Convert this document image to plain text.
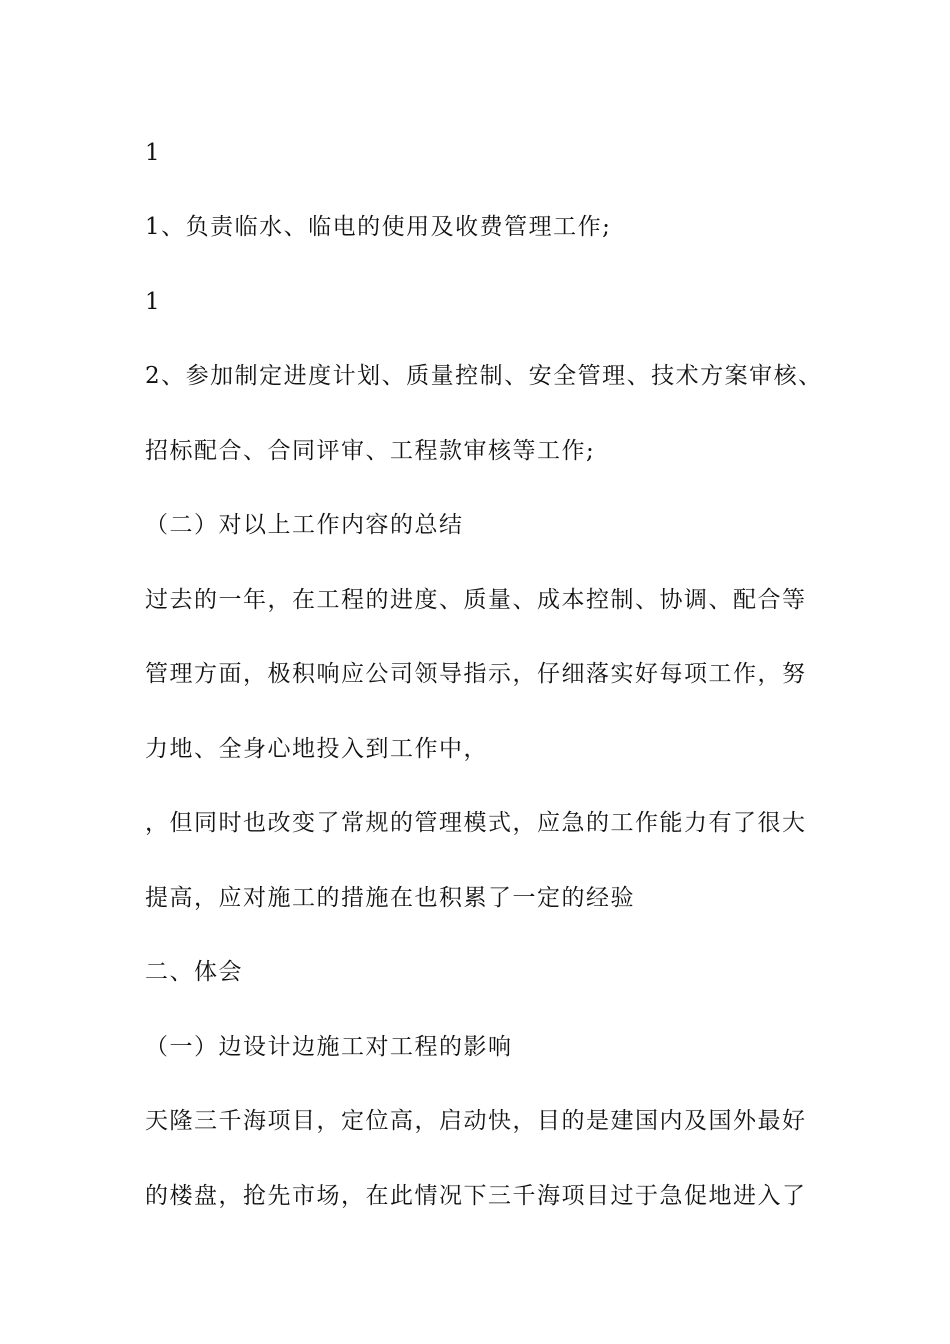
1
1、负责临水、临电的使用及收费管理工作;
1
2、参加制定进度计划、质量控制、安全管理、技术方案审核、
招标配合、合同评审、工程款审核等工作;
（二）对以上工作内容的总结
过去的一年，在工程的进度、质量、成本控制、协调、配合等
管理方面，极积响应公司领导指示，仔细落实好每项工作，努
力地、全身心地投入到工作中，
，但同时也改变了常规的管理模式，应急的工作能力有了很大
提高，应对施工的措施在也积累了一定的经验
二、体会
（一）边设计边施工对工程的影响
天隆三千海项目，定位高，启动快，目的是建国内及国外最好
的楼盘，抢先市场，在此情况下三千海项目过于急促地进入了
